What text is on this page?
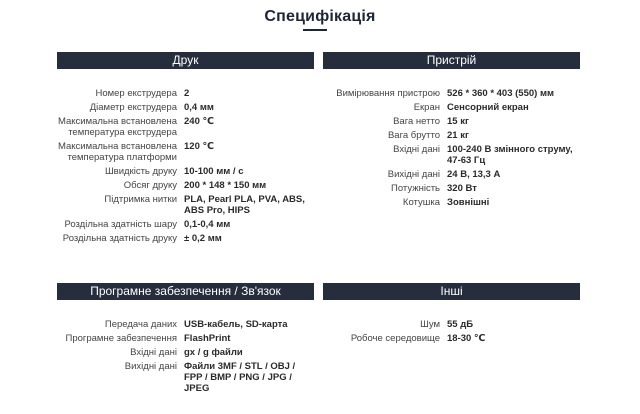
Специфікація
Друк
Номер екструдера 2
Діаметр екструдера 0,4 мм
Максимальна встановлена температура екструдера
240 ℃
Максимальна встановлена температура платформи
120 ℃
Швидкість друку 10-100 мм / с
Обсяг друку 200 * 148 * 150 мм
Підтримка нитки PLA, Pearl PLA, PVA, ABS, ABS Pro, HIPS
Роздільна здатність шару 0,1-0,4 мм
Роздільна здатність друку ± 0,2 мм
Пристрій
Вимірювання пристрою 526 * 360 * 403 (550) мм
Екран Сенсорний екран
Вага нетто 15 кг
Вага брутто 21 кг
Вхідні дані 100-240 В змінного струму, 47-63 Гц
Вихідні дані 24 В, 13,3 A
Потужність 320 Вт
Котушка Зовнішні
Програмне забезпечення / Зв'язок
Передача даних USB-кабель, SD-карта
Програмне забезпечення FlashPrint
Вхідні дані gx / g файли
Вихідні дані Файли 3MF / STL / OBJ / FPP / BMP / PNG / JPG / JPEG
Інші
Шум 55 дБ
Робоче середовище 18-30 ℃
